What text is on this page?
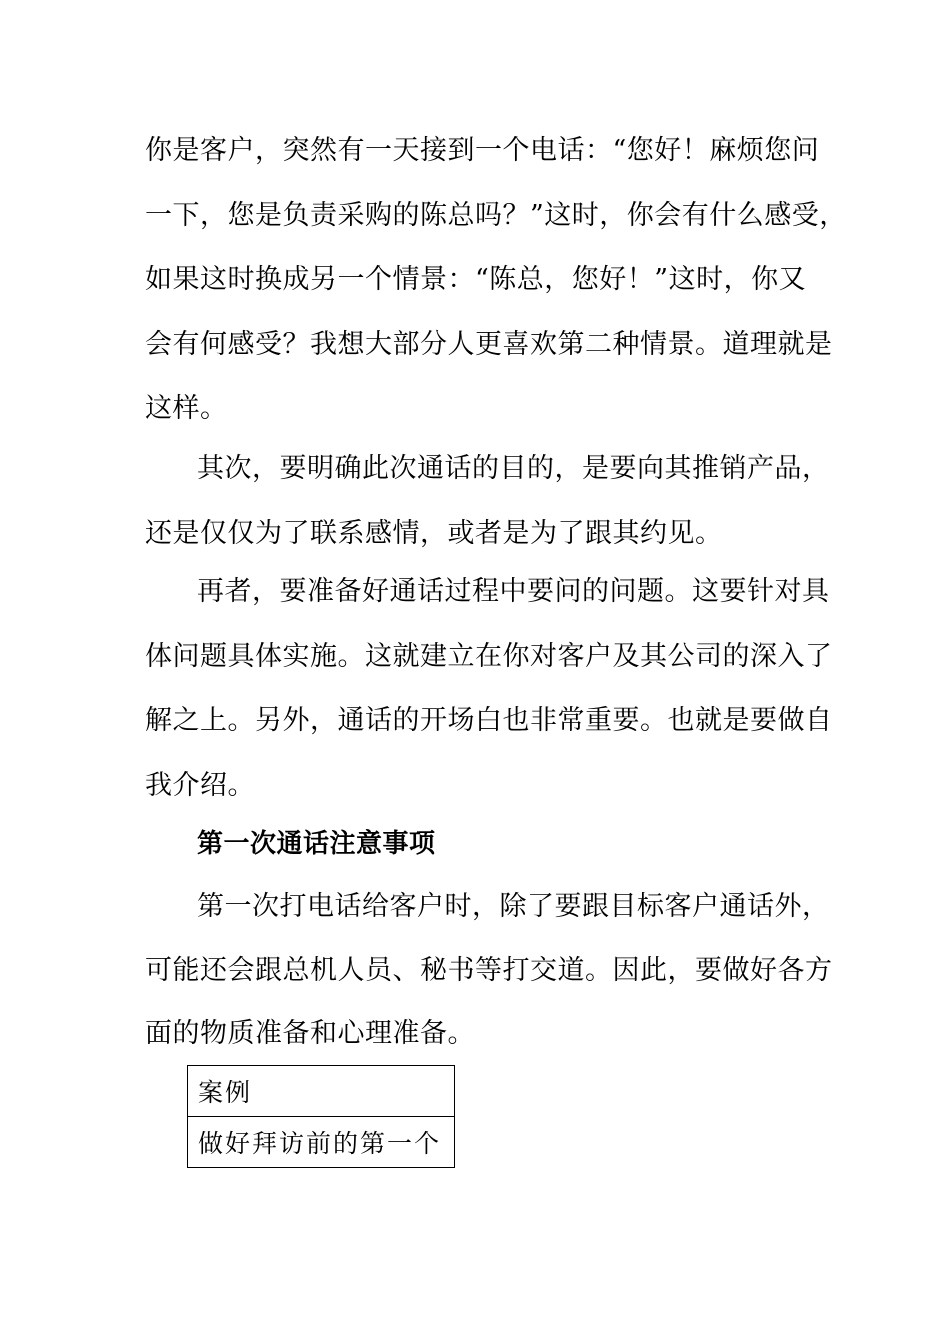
你是客户，突然有一天接到一个电话：“您好！麻烦您问
一下，您是负责采购的陈总吗？”这时，你会有什么感受，
如果这时换成另一个情景：“陈总，您好！”这时，你又
会有何感受？我想大部分人更喜欢第二种情景。道理就是
这样。
其次，要明确此次通话的目的，是要向其推销产品，
还是仅仅为了联系感情，或者是为了跟其约见。
再者，要准备好通话过程中要问的问题。这要针对具
体问题具体实施。这就建立在你对客户及其公司的深入了
解之上。另外，通话的开场白也非常重要。也就是要做自
我介绍。
第一次通话注意事项
第一次打电话给客户时，除了要跟目标客户通话外，
可能还会跟总机人员、秘书等打交道。因此，要做好各方
面的物质准备和心理准备。
案例
做好拜访前的第一个
